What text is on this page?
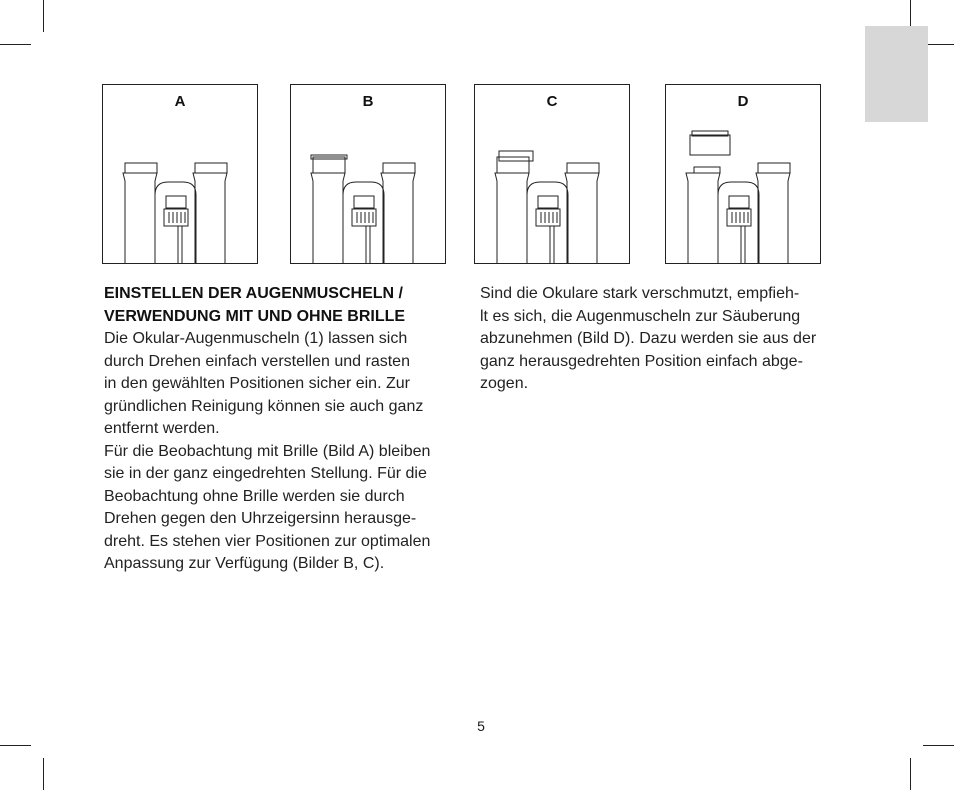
A	B	C	D
EINSTELLEN DER AUGENMUSCHELN /
VERWENDUNG MIT UND OHNE BRILLE
Die Okular-Augenmuscheln (1) lassen sich
durch Drehen einfach verstellen und rasten
in den gewählten Positionen sicher ein. Zur
gründlichen Reinigung können sie auch ganz
entfernt werden.
Für die Beobachtung mit Brille (Bild A) bleiben
sie in der ganz eingedrehten Stellung. Für die
Beobachtung ohne Brille werden sie durch
Drehen gegen den Uhrzeigersinn herausge-
dreht. Es stehen vier Positionen zur optimalen
Anpassung zur Verfügung (Bilder B, C).
Sind die Okulare stark verschmutzt, empfieh-
lt es sich, die Augenmuscheln zur Säuberung
abzunehmen (Bild D). Dazu werden sie aus der
ganz herausgedrehten Position einfach abge-
zogen.
5
